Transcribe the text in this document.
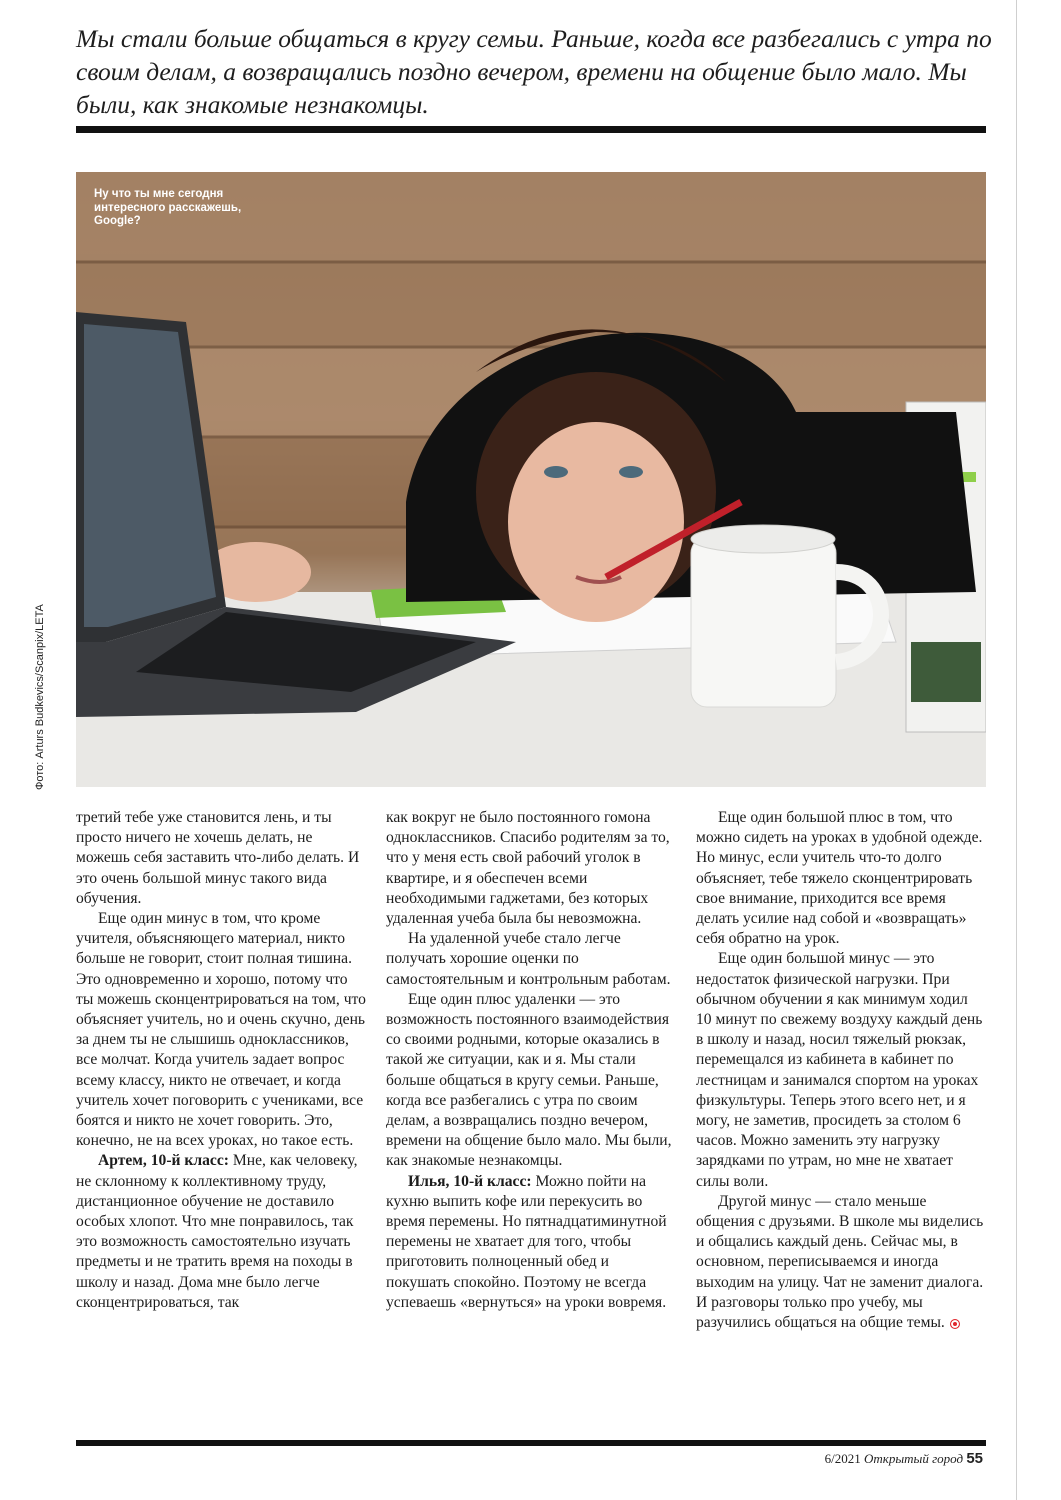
Мы стали больше общаться в кругу семьи. Раньше, когда все разбегались с утра по своим делам, а возвращались поздно вечером, времени на общение было мало. Мы были, как знакомые незнакомцы.

Ну что ты мне сегодня интересного расскажешь, Google?

Фото: Arturs Budkevics/Scanpix/LETA

третий тебе уже становится лень, и ты просто ничего не хочешь делать, не можешь себя заставить что-либо делать. И это очень большой минус такого вида обучения.

Еще один минус в том, что кроме учителя, объясняющего материал, никто больше не говорит, стоит полная тишина. Это одновременно и хорошо, потому что ты можешь сконцентрироваться на том, что объясняет учитель, но и очень скучно, день за днем ты не слышишь одноклассников, все молчат. Когда учитель задает вопрос всему классу, никто не отвечает, и когда учитель хочет поговорить с учениками, все боятся и никто не хочет говорить. Это, конечно, не на всех уроках, но такое есть.

Артем, 10-й класс: Мне, как человеку, не склонному к коллективному труду, дистанционное обучение не доставило особых хлопот. Что мне понравилось, так это возможность самостоятельно изучать предметы и не тратить время на походы в школу и назад. Дома мне было легче сконцентрироваться, так

как вокруг не было постоянного гомона одноклассников. Спасибо родителям за то, что у меня есть свой рабочий уголок в квартире, и я обеспечен всеми необходимыми гаджетами, без которых удаленная учеба была бы невозможна.

На удаленной учебе стало легче получать хорошие оценки по самостоятельным и контрольным работам.

Еще один плюс удаленки — это возможность постоянного взаимодействия со своими родными, которые оказались в такой же ситуации, как и я. Мы стали больше общаться в кругу семьи. Раньше, когда все разбегались с утра по своим делам, а возвращались поздно вечером, времени на общение было мало. Мы были, как знакомые незнакомцы.

Илья, 10-й класс: Можно пойти на кухню выпить кофе или перекусить во время перемены. Но пятнадцатиминутной перемены не хватает для того, чтобы приготовить полноценный обед и покушать спокойно. Поэтому не всегда успеваешь «вернуться» на уроки вовремя.

Еще один большой плюс в том, что можно сидеть на уроках в удобной одежде. Но минус, если учитель что-то долго объясняет, тебе тяжело сконцентрировать свое внимание, приходится все время делать усилие над собой и «возвращать» себя обратно на урок.

Еще один большой минус — это недостаток физической нагрузки. При обычном обучении я как минимум ходил 10 минут по свежему воздуху каждый день в школу и назад, носил тяжелый рюкзак, перемещался из кабинета в кабинет по лестницам и занимался спортом на уроках физкультуры. Теперь этого всего нет, и я могу, не заметив, просидеть за столом 6 часов. Можно заменить эту нагрузку зарядками по утрам, но мне не хватает силы воли.

Другой минус — стало меньше общения с друзьями. В школе мы виделись и общались каждый день. Сейчас мы, в основном, переписываемся и иногда выходим на улицу. Чат не заменит диалога. И разговоры только про учебу, мы разучились общаться на общие темы.

6/2021 Открытый город 55
